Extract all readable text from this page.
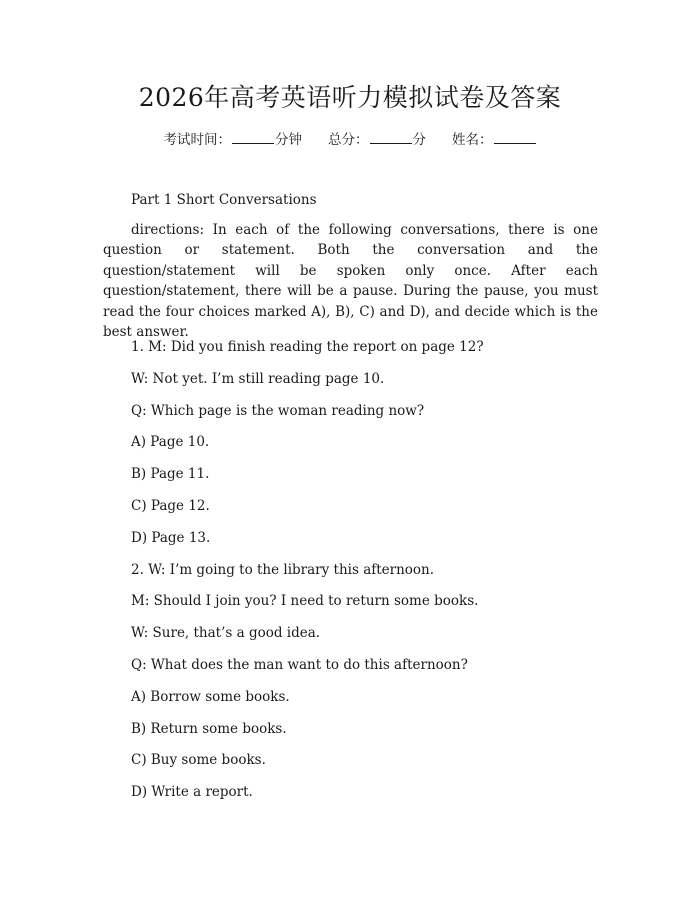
2026年高考英语听力模拟试卷及答案
考试时间：	分钟 总分：	分 姓名：
Part 1 Short Conversations
directions: In each of the following conversations, there is one question or statement. Both the conversation and the question/statement will be spoken only once. After each question/statement, there will be a pause. During the pause, you must read the four choices marked A), B), C) and D), and decide which is the best answer.
1. M: Did you finish reading the report on page 12?
W: Not yet. I’m still reading page 10.
Q: Which page is the woman reading now?
A) Page 10.
B) Page 11.
C) Page 12.
D) Page 13.
2. W: I’m going to the library this afternoon.
M: Should I join you? I need to return some books.
W: Sure, that’s a good idea.
Q: What does the man want to do this afternoon?
A) Borrow some books.
B) Return some books.
C) Buy some books.
D) Write a report.
